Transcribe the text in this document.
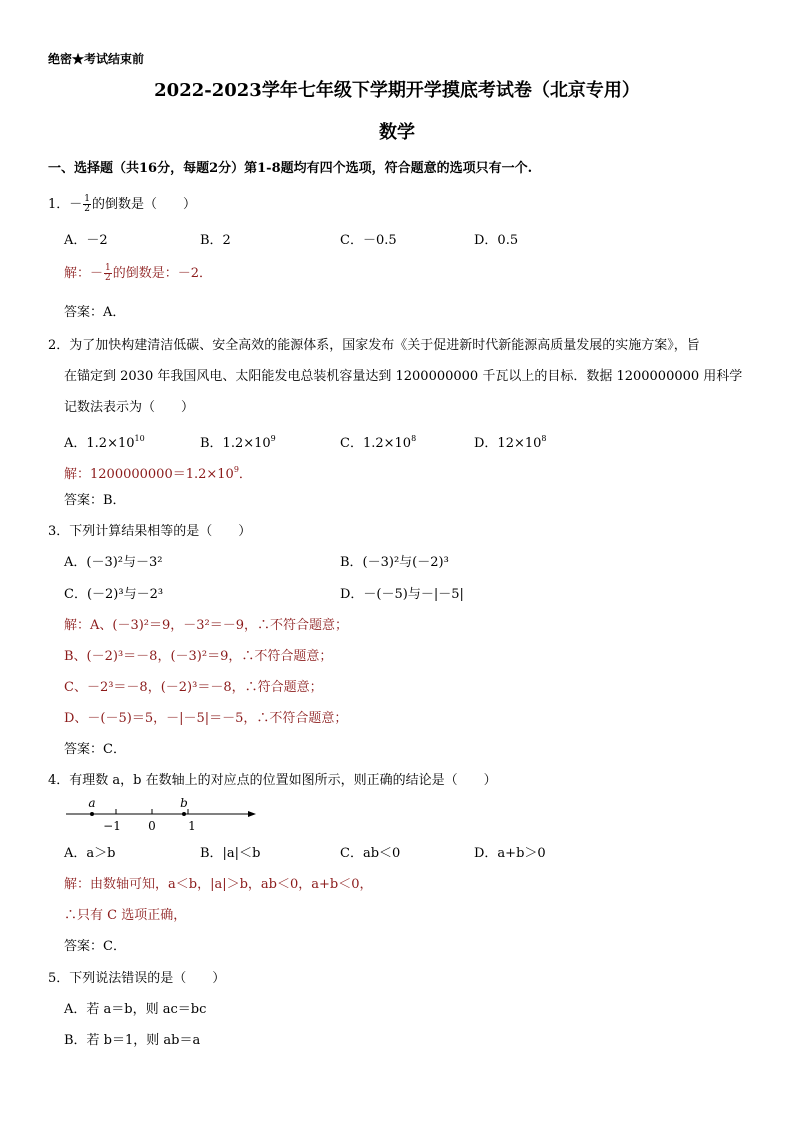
绝密★考试结束前
2022-2023学年七年级下学期开学摸底考试卷（北京专用）
数学
一、选择题（共16分，每题2分）第1-8题均有四个选项，符合题意的选项只有一个.
1．－ $\frac{1}{2}$ 的倒数是（　　）
A．－2	B．2	C．－0.5	D．0.5
解：－ $\frac{1}{2}$ 的倒数是：－2．
答案：A．
2．为了加快构建清洁低碳、安全高效的能源体系，国家发布《关于促进新时代新能源高质量发展的实施方案》，旨
在锚定到 2030 年我国风电、太阳能发电总装机容量达到 1200000000 千瓦以上的目标．数据 1200000000 用科学
记数法表示为（　　）
A．$1.2\times 10^{10}$	B．$1.2\times 10^9$	C．$1.2\times 10^8$	D．$12\times 10^8$
解：$1200000000=1.2\times 10^9$．
答案：B．
3．下列计算结果相等的是（　　）
A．(－3)²与－3²	B．(－3)²与(－2)³
C．(－2)³与－2³	D．－(－5)与－|－5|
解：A、(－3)²＝9，－3²＝－9，∴不符合题意；
B、(－2)³＝－8，(－3)²＝9，∴不符合题意；
C、－2³＝－8，(－2)³＝－8，∴符合题意；
D、－(－5)＝5，－|－5|＝－5，∴不符合题意；
答案：C．
4．有理数 a，b 在数轴上的对应点的位置如图所示，则正确的结论是（　　）
a	b
−1 0	1
A．a＞b	B．|a|＜b	C．ab＜0	D．a+b＞0
解：由数轴可知，a＜b，|a|＞b，ab＜0，a+b＜0，
∴只有 C 选项正确，
答案：C．
5．下列说法错误的是（　　）
A．若 a＝b，则 ac＝bc
B．若 b＝1，则 ab＝a
